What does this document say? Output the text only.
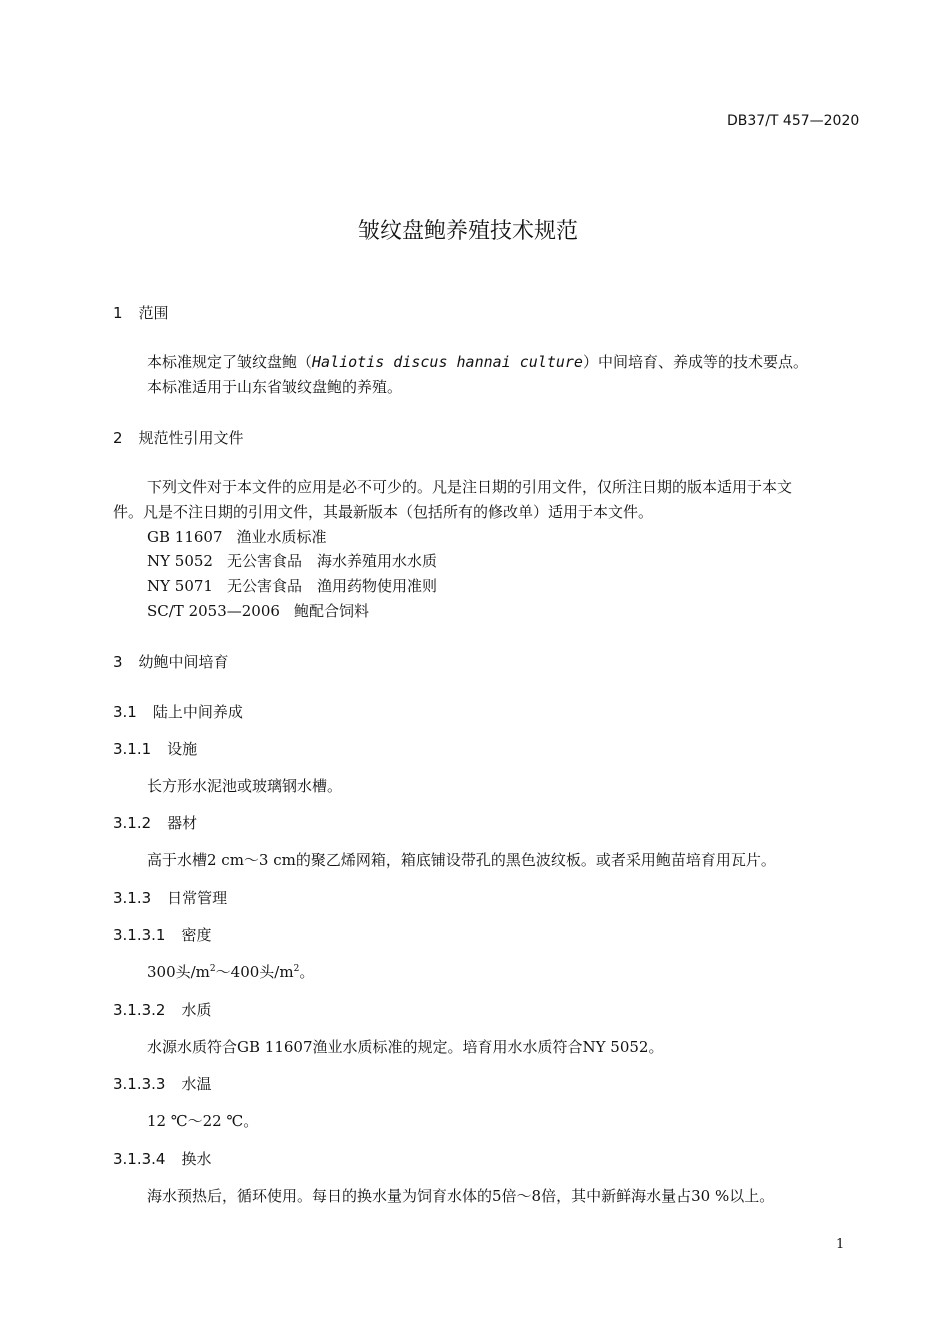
DB37/T 457—2020
皱纹盘鲍养殖技术规范
1 范围
本标准规定了皱纹盘鲍（Haliotis discus hannai culture）中间培育、养成等的技术要点。
本标准适用于山东省皱纹盘鲍的养殖。
2 规范性引用文件
下列文件对于本文件的应用是必不可少的。凡是注日期的引用文件，仅所注日期的版本适用于本文
件。凡是不注日期的引用文件，其最新版本（包括所有的修改单）适用于本文件。
GB 11607 渔业水质标准
NY 5052 无公害食品　海水养殖用水水质
NY 5071 无公害食品　渔用药物使用准则
SC/T 2053—2006 鲍配合饲料
3 幼鲍中间培育
3.1 陆上中间养成
3.1.1 设施
长方形水泥池或玻璃钢水槽。
3.1.2 器材
高于水槽2 cm～3 cm的聚乙烯网箱，箱底铺设带孔的黑色波纹板。或者采用鲍苗培育用瓦片。
3.1.3 日常管理
3.1.3.1 密度
300头$/m^2\sim 400$头$/m^2$。
3.1.3.2 水质
水源水质符合GB 11607渔业水质标准的规定。培育用水水质符合NY 5052。
3.1.3.3 水温
12 ℃～22 ℃。
3.1.3.4 换水
海水预热后，循环使用。每日的换水量为饲育水体的5倍～8倍，其中新鲜海水量占30 %以上。
1
